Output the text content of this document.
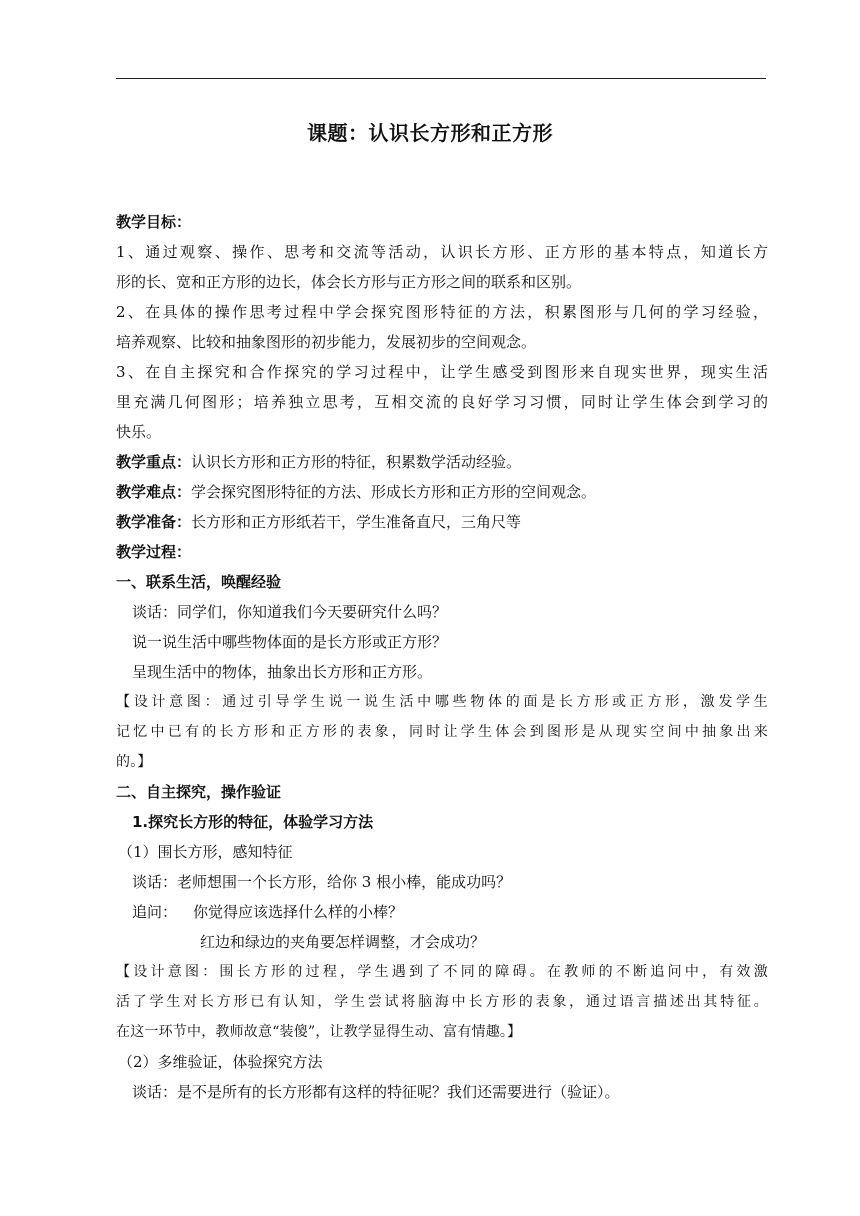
课题：认识长方形和正方形
教学目标：
1、通过观察、操作、思考和交流等活动，认识长方形、正方形的基本特点，知道长方
形的长、宽和正方形的边长，体会长方形与正方形之间的联系和区别。
2、在具体的操作思考过程中学会探究图形特征的方法，积累图形与几何的学习经验，
培养观察、比较和抽象图形的初步能力，发展初步的空间观念。
3、在自主探究和合作探究的学习过程中，让学生感受到图形来自现实世界，现实生活
里充满几何图形；培养独立思考，互相交流的良好学习习惯，同时让学生体会到学习的
快乐。
教学重点：认识长方形和正方形的特征，积累数学活动经验。
教学难点：学会探究图形特征的方法、形成长方形和正方形的空间观念。
教学准备：长方形和正方形纸若干，学生准备直尺，三角尺等
教学过程：
一、联系生活，唤醒经验
谈话：同学们，你知道我们今天要研究什么吗？
说一说生活中哪些物体面的是长方形或正方形？
呈现生活中的物体，抽象出长方形和正方形。
【设计意图：通过引导学生说一说生活中哪些物体的面是长方形或正方形，激发学生
记忆中已有的长方形和正方形的表象，同时让学生体会到图形是从现实空间中抽象出来
的。】
二、自主探究，操作验证
1.探究长方形的特征，体验学习方法
（1）围长方形，感知特征
谈话：老师想围一个长方形，给你 3 根小棒，能成功吗？
追问： 你觉得应该选择什么样的小棒？
红边和绿边的夹角要怎样调整，才会成功？
【设计意图：围长方形的过程，学生遇到了不同的障碍。在教师的不断追问中，有效激
活了学生对长方形已有认知，学生尝试将脑海中长方形的表象，通过语言描述出其特征。
在这一环节中，教师故意“装傻”，让教学显得生动、富有情趣。】
（2）多维验证，体验探究方法
谈话：是不是所有的长方形都有这样的特征呢？我们还需要进行（验证）。
